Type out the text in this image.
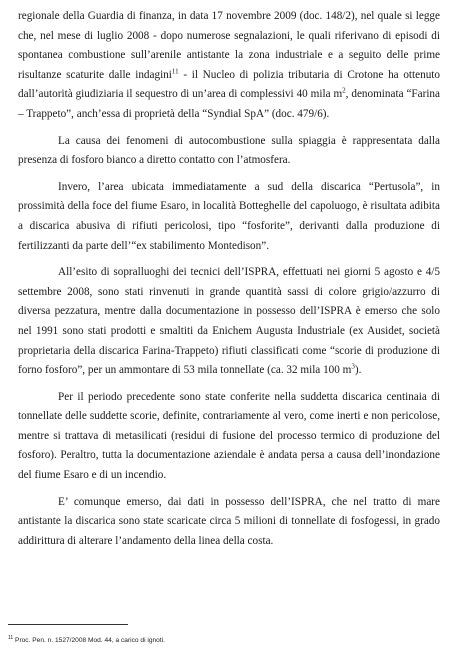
regionale della Guardia di finanza, in data 17 novembre 2009 (doc. 148/2), nel quale si legge che, nel mese di luglio 2008 - dopo numerose segnalazioni, le quali riferivano di episodi di spontanea combustione sull’arenile antistante la zona industriale e a seguito delle prime risultanze scaturite dalle indagini$^{11}$ - il Nucleo di polizia tributaria di Crotone ha ottenuto dall’autorità giudiziaria il sequestro di un’area di complessivi 40 mila $m^2$, denominata “Farina – Trappeto”, anch’essa di proprietà della “Syndial SpA” (doc. 479/6).

La causa dei fenomeni di autocombustione sulla spiaggia è rappresentata dalla presenza di fosforo bianco a diretto contatto con l’atmosfera.

Invero, l’area ubicata immediatamente a sud della discarica “Pertusola”, in prossimità della foce del fiume Esaro, in località Botteghelle del capoluogo, è risultata adibita a discarica abusiva di rifiuti pericolosi, tipo “fosforite”, derivanti dalla produzione di fertilizzanti da parte dell’“ex stabilimento Montedison”.

All’esito di sopralluoghi dei tecnici dell’ISPRA, effettuati nei giorni 5 agosto e 4/5 settembre 2008, sono stati rinvenuti in grande quantità sassi di colore grigio/azzurro di diversa pezzatura, mentre dalla documentazione in possesso dell’ISPRA è emerso che solo nel 1991 sono stati prodotti e smaltiti da Enichem Augusta Industriale (ex Ausidet, società proprietaria della discarica Farina-Trappeto) rifiuti classificati come “scorie di produzione di forno fosforo”, per un ammontare di 53 mila tonnellate (ca. 32 mila 100 $m^3$).

Per il periodo precedente sono state conferite nella suddetta discarica centinaia di tonnellate delle suddette scorie, definite, contrariamente al vero, come inerti e non pericolose, mentre si trattava di metasilicati (residui di fusione del processo termico di produzione del fosforo). Peraltro, tutta la documentazione aziendale è andata persa a causa dell’inondazione del fiume Esaro e di un incendio.

E’ comunque emerso, dai dati in possesso dell’ISPRA, che nel tratto di mare antistante la discarica sono state scaricate circa 5 milioni di tonnellate di fosfogessi, in grado addirittura di alterare l’andamento della linea della costa.

$^{11}$ Proc. Pen. n. 1527/2008 Mod. 44, a carico di ignoti.
